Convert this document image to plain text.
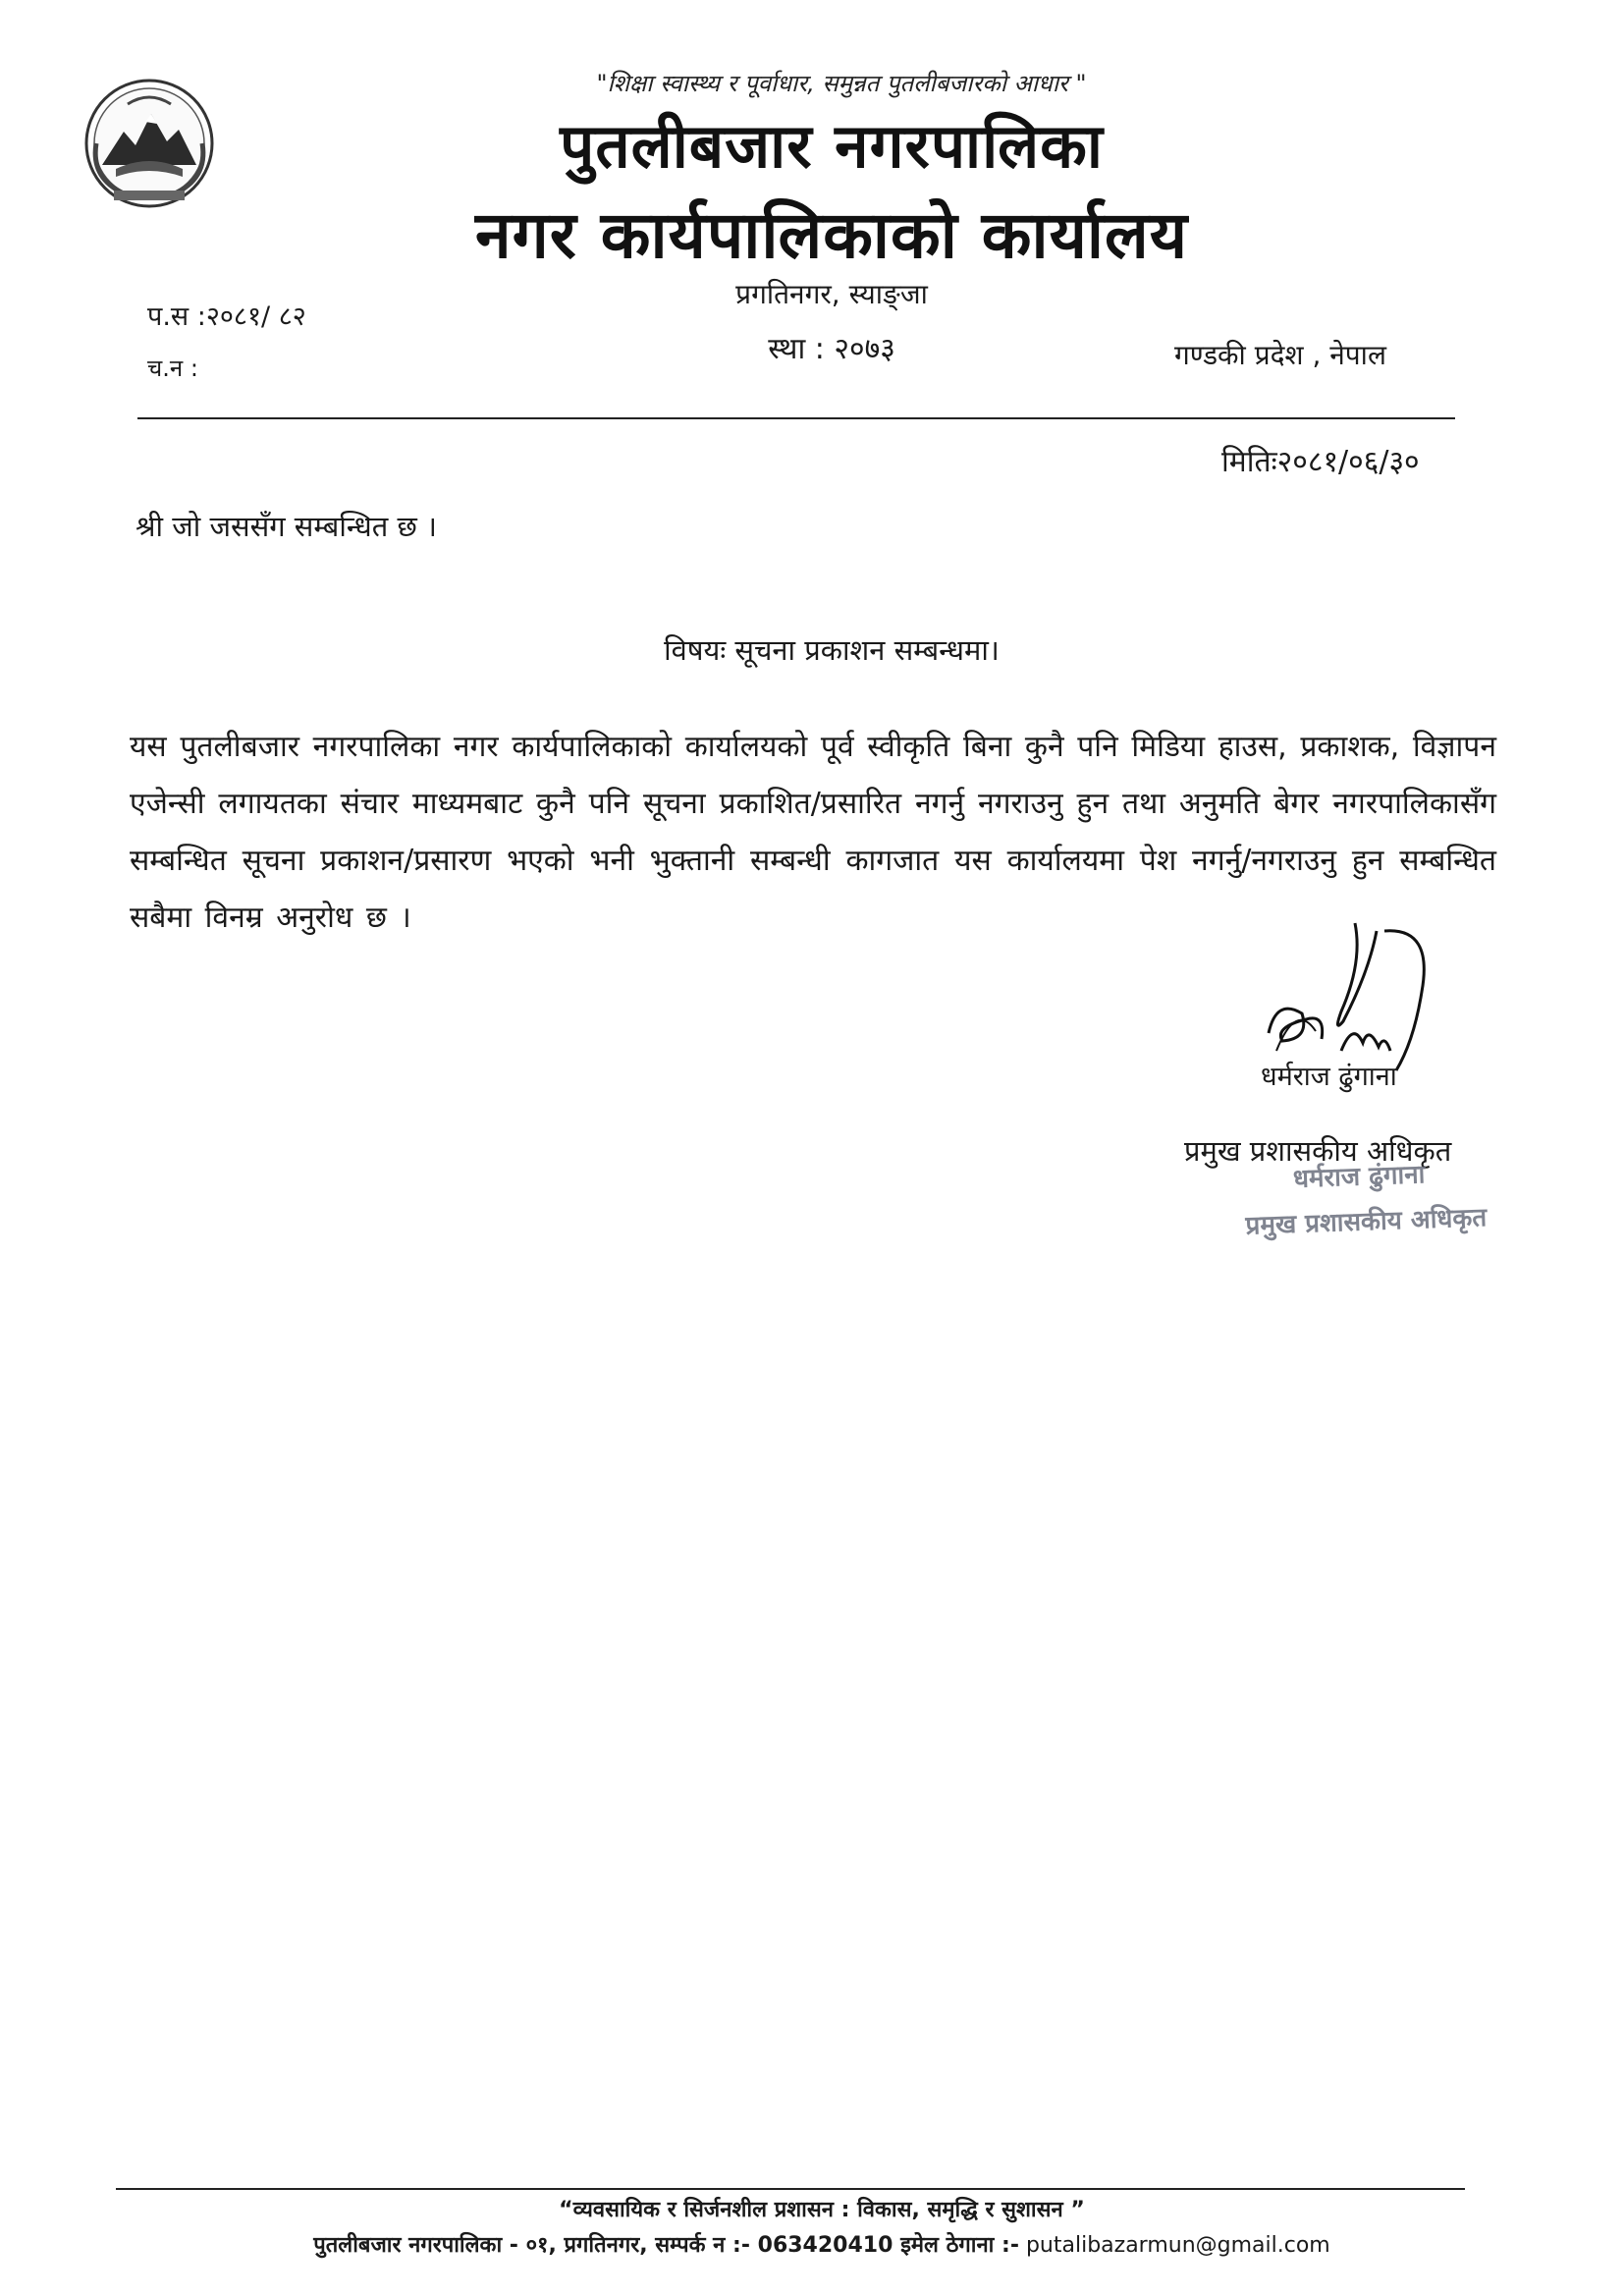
"शिक्षा स्वास्थ्य र पूर्वाधार, समुन्नत पुतलीबजारको आधार "
पुतलीबजार नगरपालिका
नगर कार्यपालिकाको कार्यालय
प्रगतिनगर, स्याङ्जा
स्था : २०७३
प.स :२०८१/ ८२
च.न :	गण्डकी प्रदेश , नेपाल
मितिः२०८१/०६/३०
श्री जो जससँग सम्बन्धित छ ।
विषयः सूचना प्रकाशन सम्बन्धमा।
यस पुतलीबजार नगरपालिका नगर कार्यपालिकाको कार्यालयको पूर्व स्वीकृति बिना कुनै पनि मिडिया हाउस, प्रकाशक, विज्ञापन एजेन्सी लगायतका संचार माध्यमबाट कुनै पनि सूचना प्रकाशित/प्रसारित नगर्नु नगराउनु हुन तथा अनुमति बेगर नगरपालिकासँग सम्बन्धित सूचना प्रकाशन/प्रसारण भएको भनी भुक्तानी सम्बन्धी कागजात यस कार्यालयमा पेश नगर्नु/नगराउनु हुन सम्बन्धित सबैमा विनम्र अनुरोध छ ।
धर्मराज ढुंगाना
प्रमुख प्रशासकीय अधिकृत
धर्मराज ढुंगाना
प्रमुख प्रशासकीय अधिकृत
“व्यवसायिक र सिर्जनशील प्रशासन : विकास, समृद्धि र सुशासन ”
पुतलीबजार नगरपालिका - ०१, प्रगतिनगर, सम्पर्क न :- 063420410 इमेल ठेगाना :- putalibazarmun@gmail.com
